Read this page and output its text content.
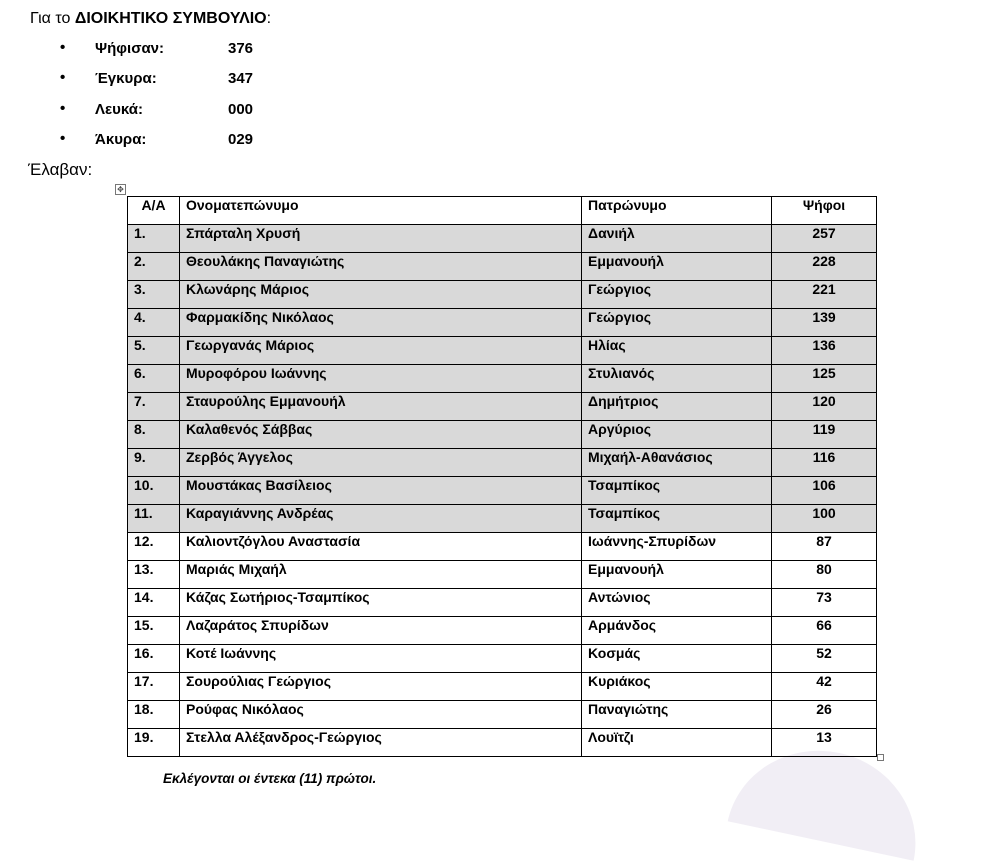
Για το ΔΙΟΙΚΗΤΙΚΟ ΣΥΜΒΟΥΛΙΟ:
• Ψήφισαν:	376
• Έγκυρα:	347
• Λευκά:	000
• Άκυρα:	029
Έλαβαν:
✥
Α/Α	Ονοματεπώνυμο	Πατρώνυμο	Ψήφοι
1.	Σπάρταλη Χρυσή	Δανιήλ	257
2.	Θεουλάκης Παναγιώτης	Εμμανουήλ	228
3.	Κλωνάρης Μάριος	Γεώργιος	221
4.	Φαρμακίδης Νικόλαος	Γεώργιος	139
5.	Γεωργανάς Μάριος	Ηλίας	136
6.	Μυροφόρου Ιωάννης	Στυλιανός	125
7.	Σταυρούλης Εμμανουήλ	Δημήτριος	120
8.	Καλαθενός Σάββας	Αργύριος	119
9.	Ζερβός Άγγελος	Μιχαήλ-Αθανάσιος	116
10.	Μουστάκας Βασίλειος	Τσαμπίκος	106
11.	Καραγιάννης Ανδρέας	Τσαμπίκος	100
12.	Καλιοντζόγλου Αναστασία	Ιωάννης-Σπυρίδων	87
13.	Μαριάς Μιχαήλ	Εμμανουήλ	80
14.	Κάζας Σωτήριος-Τσαμπίκος	Αντώνιος	73
15.	Λαζαράτος Σπυρίδων	Αρμάνδος	66
16.	Κοτέ Ιωάννης	Κοσμάς	52
17.	Σουρούλιας Γεώργιος	Κυριάκος	42
18.	Ρούφας Νικόλαος	Παναγιώτης	26
19.	Στελλα Αλέξανδρος-Γεώργιος	Λουϊτζι	13
Εκλέγονται οι έντεκα (11) πρώτοι.
